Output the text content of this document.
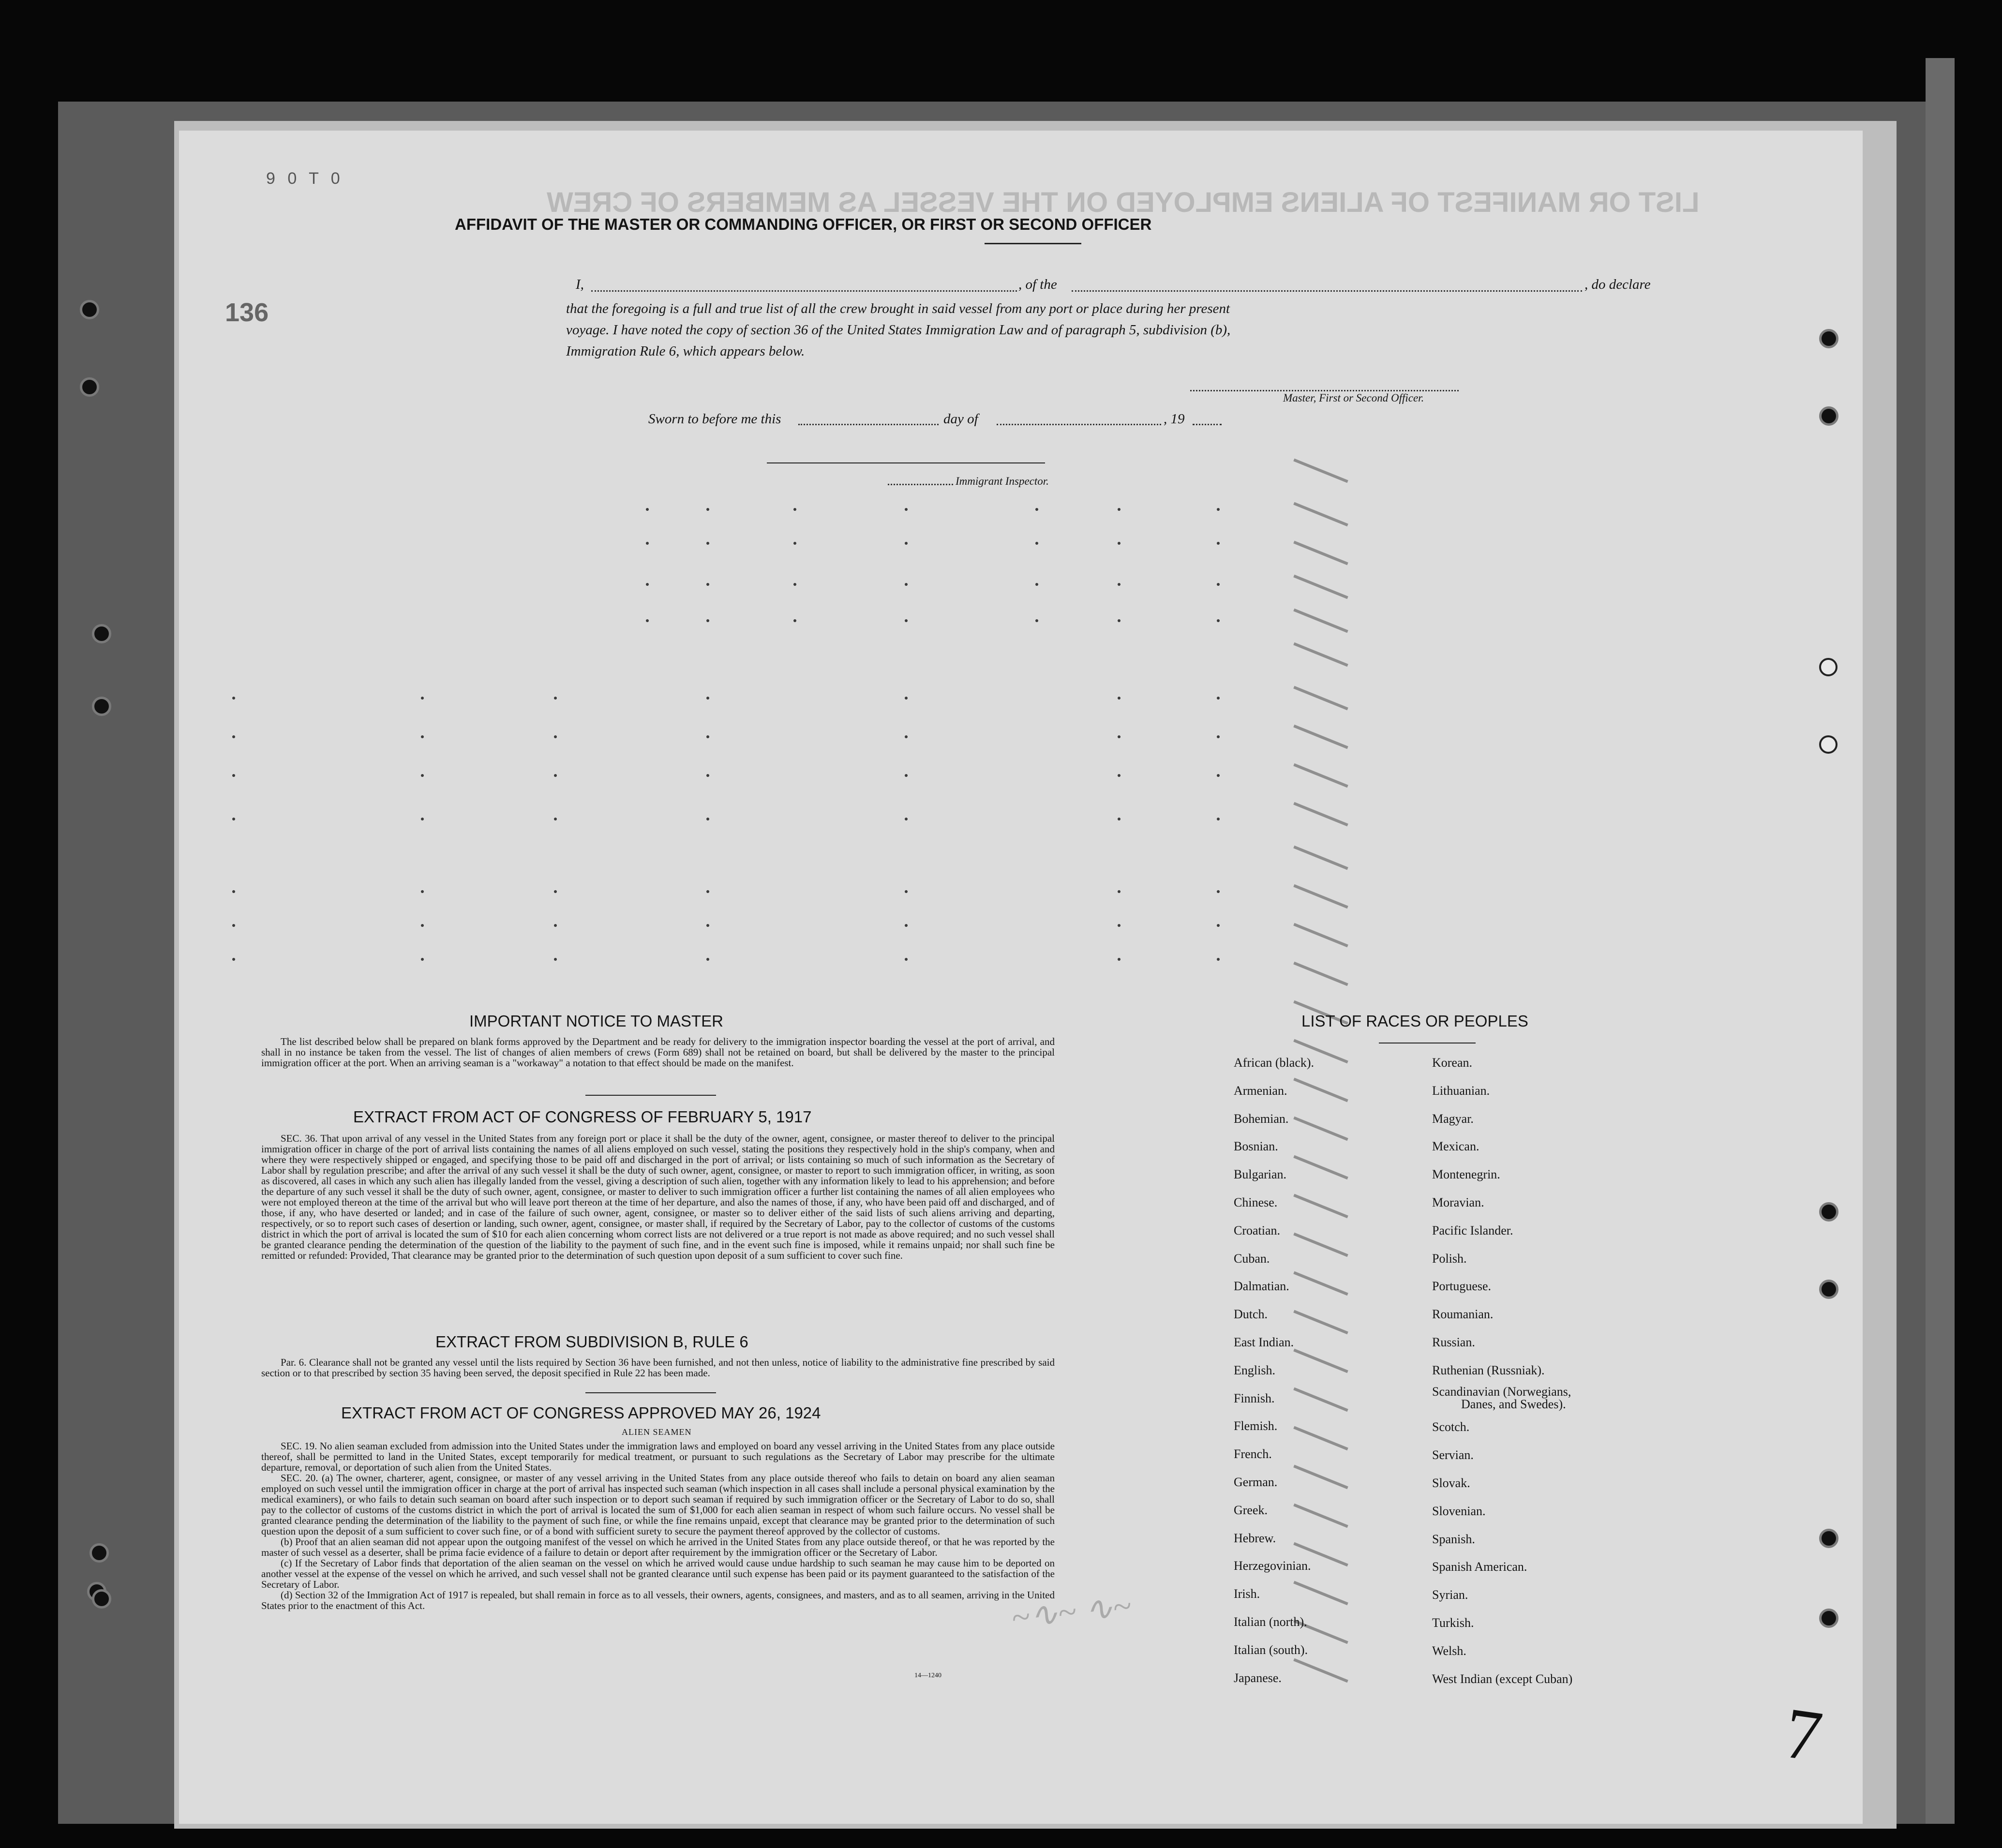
LIST OR MANIFEST OF ALIENS EMPLOYED ON THE VESSEL AS MEMBERS OF CREW
9 0 T 0
136
AFFIDAVIT OF THE MASTER OR COMMANDING OFFICER, OR FIRST OR SECOND OFFICER
I,	, of the	, do declare
that the foregoing is a full and true list of all the crew brought in said vessel from any port or place during her present
voyage. I have noted the copy of section 36 of the United States Immigration Law and of paragraph 5, subdivision (b),
Immigration Rule 6, which appears below.
Master, First or Second Officer.
Sworn to before me this	day of	, 19
Immigrant Inspector.
IMPORTANT NOTICE TO MASTER

The list described below shall be prepared on blank forms approved by the Department and be ready for delivery to the immigration inspector boarding the vessel at the port of arrival, and shall in no instance be taken from the vessel. The list of changes of alien members of crews (Form 689) shall not be retained on board, but shall be delivered by the master to the principal immigration officer at the port. When an arriving seaman is a "workaway" a notation to that effect should be made on the manifest.

EXTRACT FROM ACT OF CONGRESS OF FEBRUARY 5, 1917

SEC. 36. That upon arrival of any vessel in the United States from any foreign port or place it shall be the duty of the owner, agent, consignee, or master thereof to deliver to the principal immigration officer in charge of the port of arrival lists containing the names of all aliens employed on such vessel, stating the positions they respectively hold in the ship's company, when and where they were respectively shipped or engaged, and specifying those to be paid off and discharged in the port of arrival; or lists containing so much of such information as the Secretary of Labor shall by regulation prescribe; and after the arrival of any such vessel it shall be the duty of such owner, agent, consignee, or master to report to such immigration officer, in writing, as soon as discovered, all cases in which any such alien has illegally landed from the vessel, giving a description of such alien, together with any information likely to lead to his apprehension; and before the departure of any such vessel it shall be the duty of such owner, agent, consignee, or master to deliver to such immigration officer a further list containing the names of all alien employees who were not employed thereon at the time of the arrival but who will leave port thereon at the time of her departure, and also the names of those, if any, who have been paid off and discharged, and of those, if any, who have deserted or landed; and in case of the failure of such owner, agent, consignee, or master so to deliver either of the said lists of such aliens arriving and departing, respectively, or so to report such cases of desertion or landing, such owner, agent, consignee, or master shall, if required by the Secretary of Labor, pay to the collector of customs of the customs district in which the port of arrival is located the sum of $10 for each alien concerning whom correct lists are not delivered or a true report is not made as above required; and no such vessel shall be granted clearance pending the determination of the question of the liability to the payment of such fine, and in the event such fine is imposed, while it remains unpaid; nor shall such fine be remitted or refunded: Provided, That clearance may be granted prior to the determination of such question upon deposit of a sum sufficient to cover such fine.

EXTRACT FROM SUBDIVISION B, RULE 6

Par. 6. Clearance shall not be granted any vessel until the lists required by Section 36 have been furnished, and not then unless, notice of liability to the administrative fine prescribed by said section or to that prescribed by section 35 having been served, the deposit specified in Rule 22 has been made.

EXTRACT FROM ACT OF CONGRESS APPROVED MAY 26, 1924
ALIEN SEAMEN

SEC. 19. No alien seaman excluded from admission into the United States under the immigration laws and employed on board any vessel arriving in the United States from any place outside thereof, shall be permitted to land in the United States, except temporarily for medical treatment, or pursuant to such regulations as the Secretary of Labor may prescribe for the ultimate departure, removal, or deportation of such alien from the United States.

SEC. 20. (a) The owner, charterer, agent, consignee, or master of any vessel arriving in the United States from any place outside thereof who fails to detain on board any alien seaman employed on such vessel until the immigration officer in charge at the port of arrival has inspected such seaman (which inspection in all cases shall include a personal physical examination by the medical examiners), or who fails to detain such seaman on board after such inspection or to deport such seaman if required by such immigration officer or the Secretary of Labor to do so, shall pay to the collector of customs of the customs district in which the port of arrival is located the sum of $1,000 for each alien seaman in respect of whom such failure occurs. No vessel shall be granted clearance pending the determination of the liability to the payment of such fine, or while the fine remains unpaid, except that clearance may be granted prior to the determination of such question upon the deposit of a sum sufficient to cover such fine, or of a bond with sufficient surety to secure the payment thereof approved by the collector of customs.

(b) Proof that an alien seaman did not appear upon the outgoing manifest of the vessel on which he arrived in the United States from any place outside thereof, or that he was reported by the master of such vessel as a deserter, shall be prima facie evidence of a failure to detain or deport after requirement by the immigration officer or the Secretary of Labor.

(c) If the Secretary of Labor finds that deportation of the alien seaman on the vessel on which he arrived would cause undue hardship to such seaman he may cause him to be deported on another vessel at the expense of the vessel on which he arrived, and such vessel shall not be granted clearance until such expense has been paid or its payment guaranteed to the satisfaction of the Secretary of Labor.

(d) Section 32 of the Immigration Act of 1917 is repealed, but shall remain in force as to all vessels, their owners, agents, consignees, and masters, and as to all seamen, arriving in the United States prior to the enactment of this Act.

14—1240
LIST OF RACES OR PEOPLES
African (black).
Armenian.
Bohemian.
Bosnian.
Bulgarian.
Chinese.
Croatian.
Cuban.
Dalmatian.
Dutch.
East Indian.
English.
Finnish.
Flemish.
French.
German.
Greek.
Hebrew.
Herzegovinian.
Irish.
Italian (north).
Italian (south).
Japanese.
Korean.
Lithuanian.
Magyar.
Mexican.
Montenegrin.
Moravian.
Pacific Islander.
Polish.
Portuguese.
Roumanian.
Russian.
Ruthenian (Russniak).
Scandinavian (Norwegians,
Danes, and Swedes).
Scotch.
Servian.
Slovak.
Slovenian.
Spanish.
Spanish American.
Syrian.
Turkish.
Welsh.
West Indian (except Cuban)
~∿~ ∿~
7
